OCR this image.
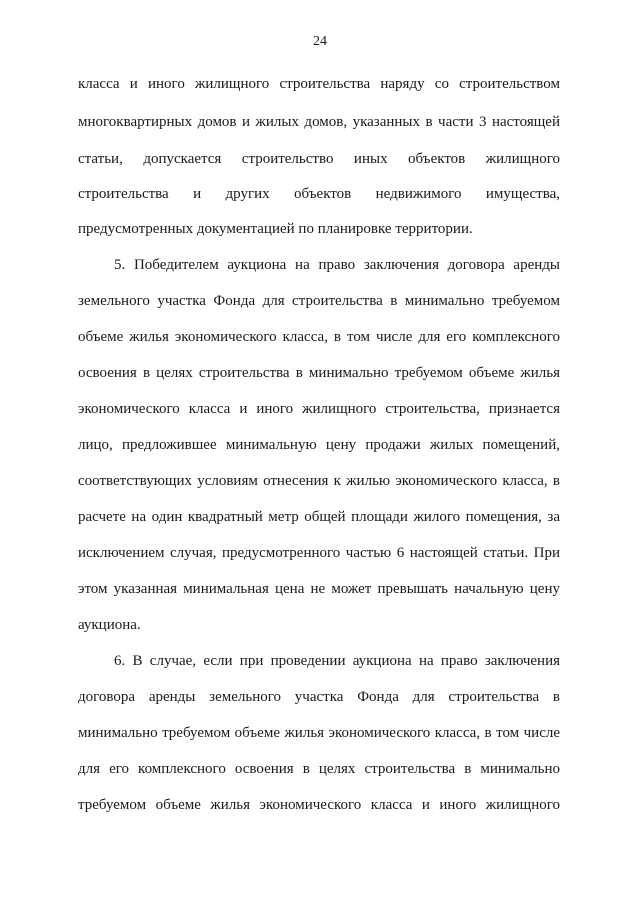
24
класса и иного жилищного строительства наряду со строительством
многоквартирных домов и жилых домов, указанных в части 3 настоящей
статьи, допускается строительство иных объектов жилищного
строительства и других объектов недвижимого имущества,
предусмотренных документацией по планировке территории.
5. Победителем аукциона на право заключения договора аренды
земельного участка Фонда для строительства в минимально требуемом
объеме жилья экономического класса, в том числе для его комплексного
освоения в целях строительства в минимально требуемом объеме жилья
экономического класса и иного жилищного строительства, признается
лицо, предложившее минимальную цену продажи жилых помещений,
соответствующих условиям отнесения к жилью экономического класса, в
расчете на один квадратный метр общей площади жилого помещения, за
исключением случая, предусмотренного частью 6 настоящей статьи. При
этом указанная минимальная цена не может превышать начальную цену
аукциона.
6. В случае, если при проведении аукциона на право заключения
договора аренды земельного участка Фонда для строительства в
минимально требуемом объеме жилья экономического класса, в том числе
для его комплексного освоения в целях строительства в минимально
требуемом объеме жилья экономического класса и иного жилищного
